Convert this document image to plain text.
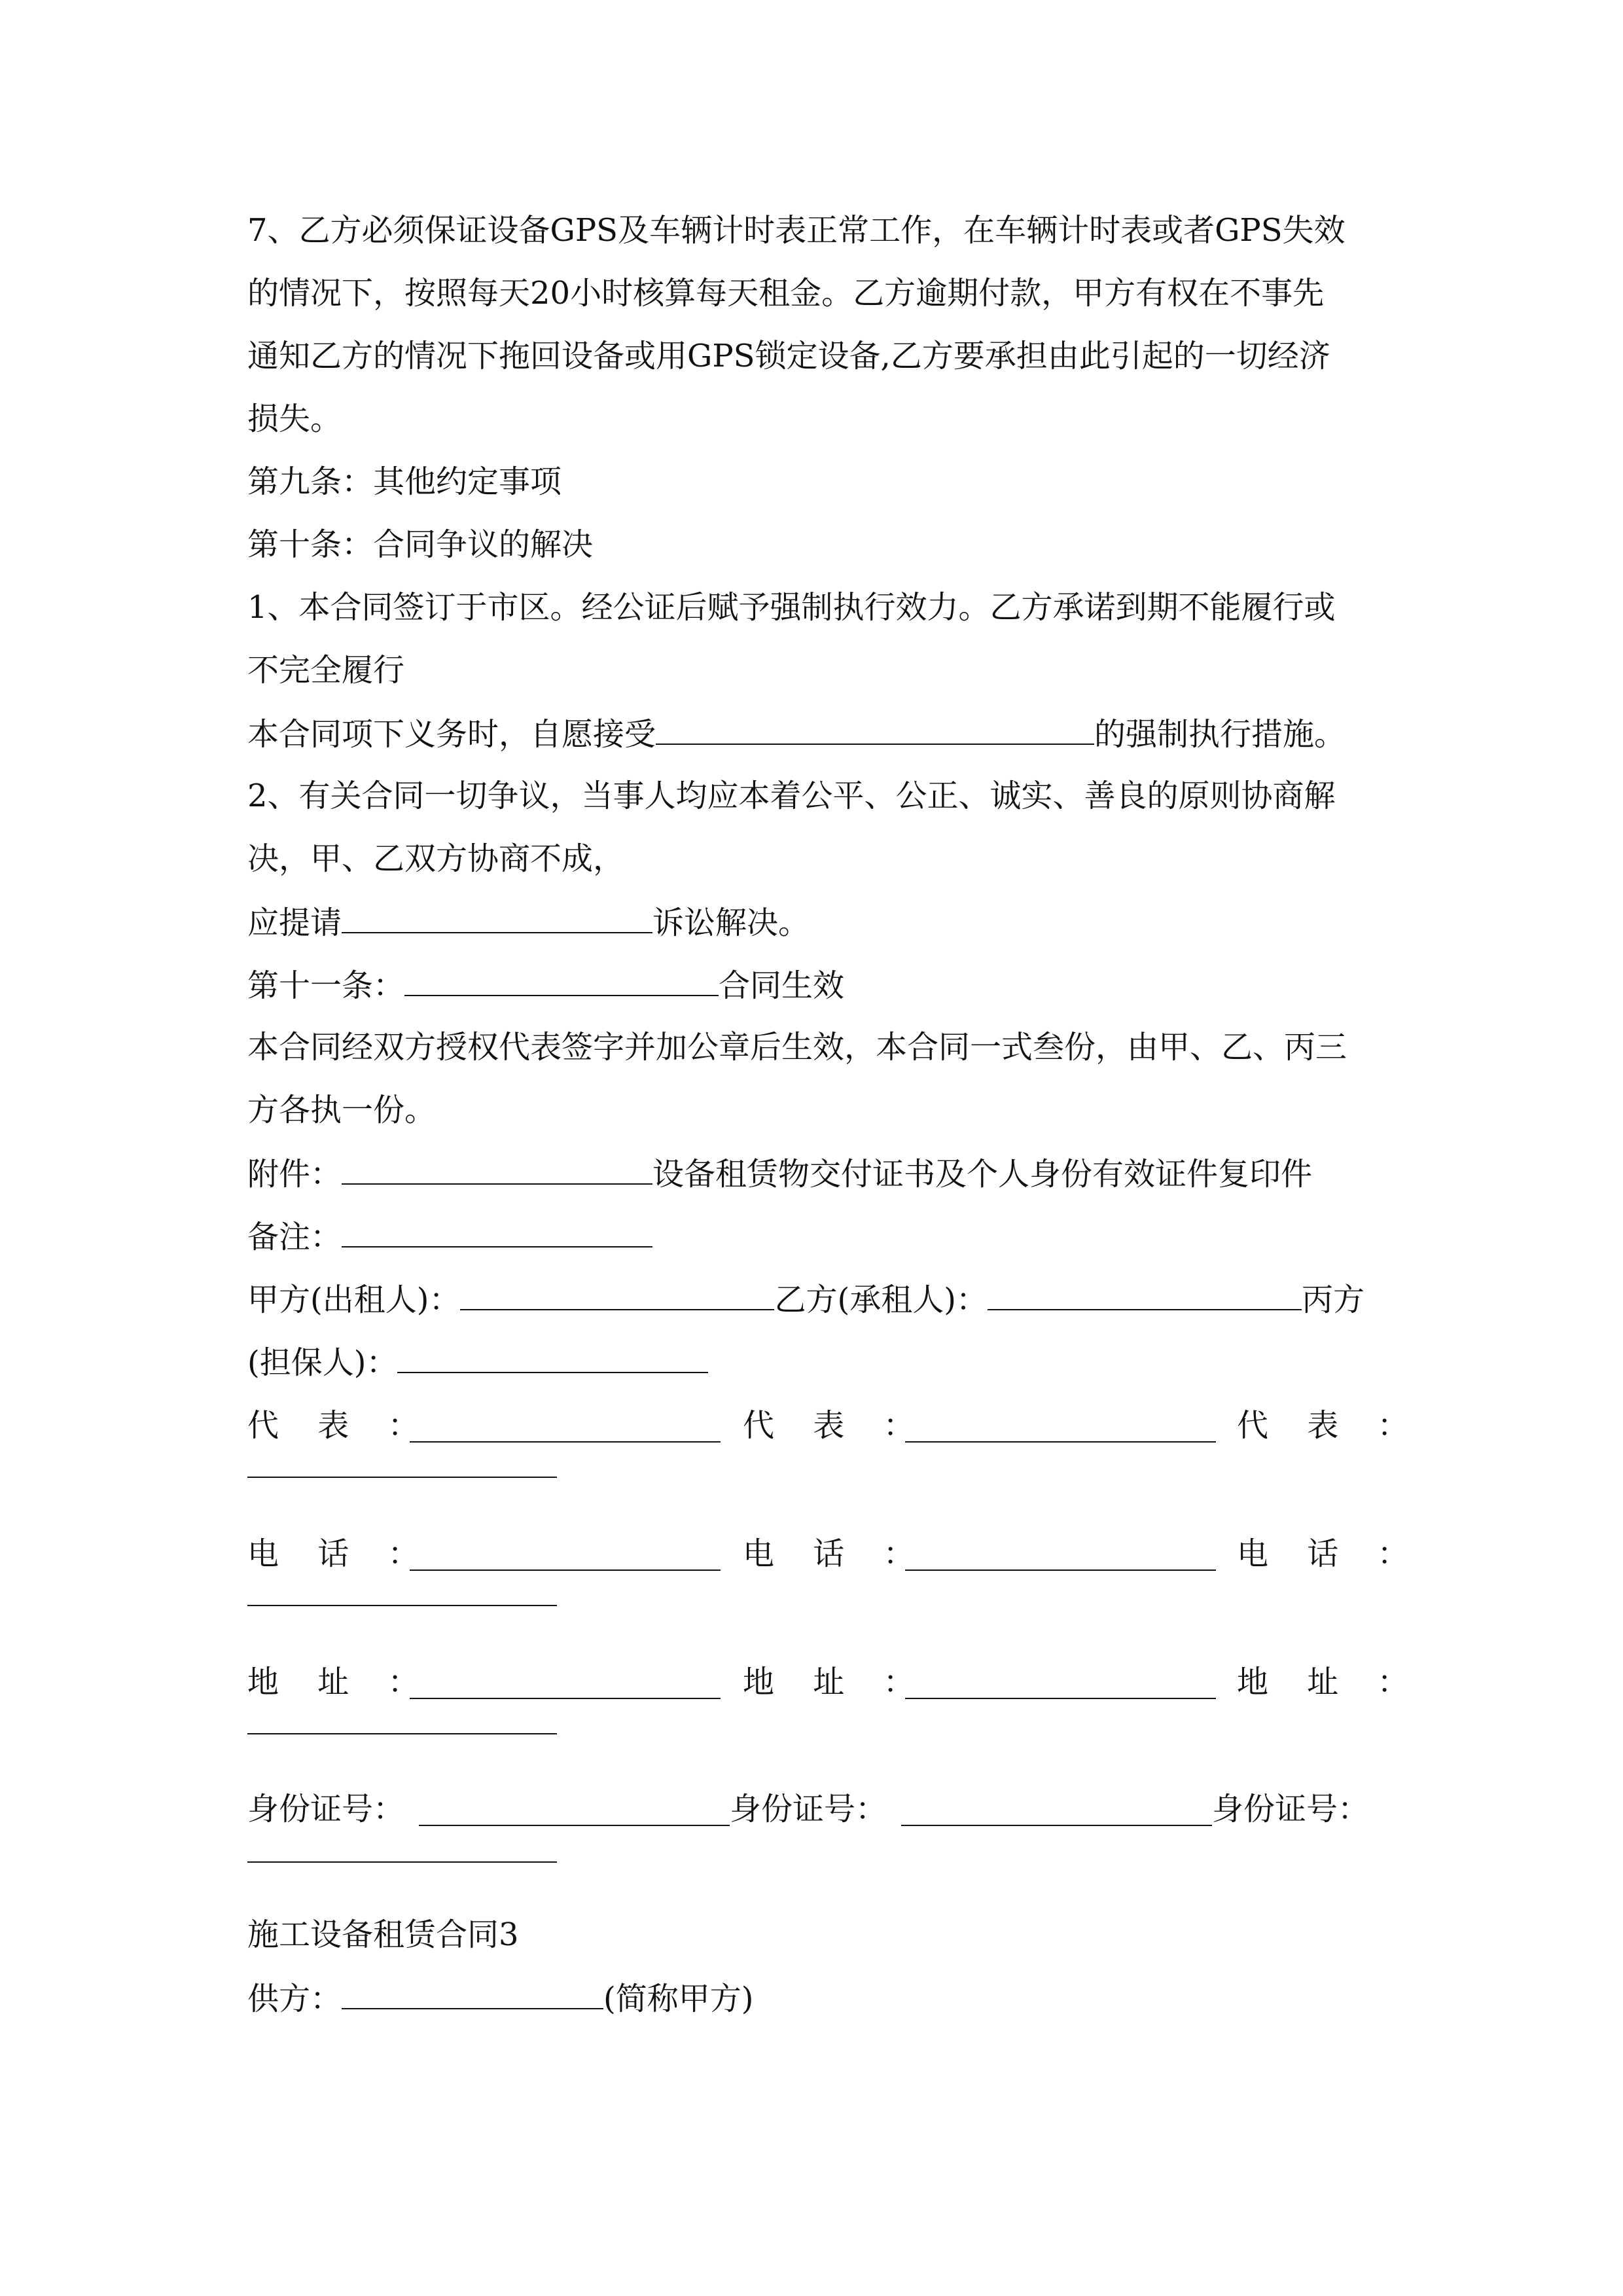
7、乙方必须保证设备GPS及车辆计时表正常工作，在车辆计时表或者GPS失效
的情况下，按照每天20小时核算每天租金。乙方逾期付款，甲方有权在不事先
通知乙方的情况下拖回设备或用GPS锁定设备,乙方要承担由此引起的一切经济
损失。
第九条：其他约定事项
第十条：合同争议的解决
1、本合同签订于市区。经公证后赋予强制执行效力。乙方承诺到期不能履行或
不完全履行
本合同项下义务时，自愿接受	的强制执行措施。
2、有关合同一切争议，当事人均应本着公平、公正、诚实、善良的原则协商解
决，甲、乙双方协商不成，
应提请	诉讼解决。
第十一条：	合同生效
本合同经双方授权代表签字并加公章后生效，本合同一式叁份，由甲、乙、丙三
方各执一份。
附件：	设备租赁物交付证书及个人身份有效证件复印件
备注：
甲方(出租人)：	乙方(承租人)：	丙方
(担保人)：
代 表 ：	代 表 ：	代 表 ：
电 话 ：	电 话 ：	电 话 ：
地 址 ：	地 址 ：	地 址 ：
身份证号：	身份证号：	身份证号：
施工设备租赁合同3
供方：	(简称甲方)
